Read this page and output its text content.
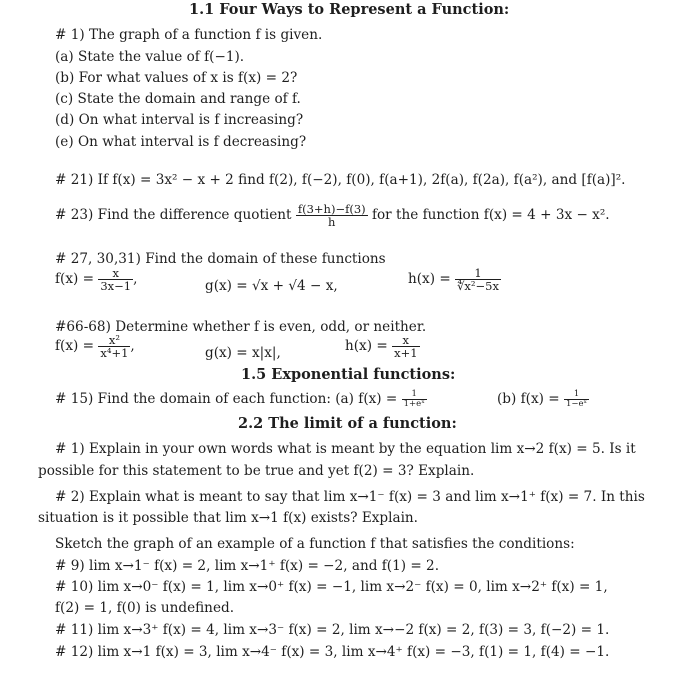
1.1 Four Ways to Represent a Function:
# 1) The graph of a function f is given.
(a) State the value of f(−1).
(b) For what values of x is f(x) = 2?
(c) State the domain and range of f.
(d) On what interval is f increasing?
(e) On what interval is f decreasing?
# 21) If f(x) = 3x² − x + 2 find f(2), f(−2), f(0), f(a+1), 2f(a), f(2a), f(a²), and [f(a)]².
# 23) Find the difference quotient $\frac{f(3+h)-f(3)}{h}$ for the function f(x) = 4 + 3x − x².
# 27, 30,31) Find the domain of these functions
$f(x) = \frac{x}{3x-1}$ ,	g(x) = √x + √4 − x,	$h(x) = \frac{1}{\text{∜x²−5x}}$
#66-68) Determine whether f is even, odd, or neither.
$f(x) = \frac{\text{x²}}{\text{x⁴+1}}$ ,	g(x) = x|x|,	$h(x) = \frac{x}{x+1}$
1.5 Exponential functions:
# 15) Find the domain of each function: (a) $f(x) = \frac{1}{\text{1+eˣ}}$	(b) $f(x) = \frac{1}{\text{1−eˣ}}$
2.2 The limit of a function:
# 1) Explain in your own words what is meant by the equation lim x→2 f(x) = 5. Is it
possible for this statement to be true and yet f(2) = 3? Explain.
# 2) Explain what is meant to say that lim x→1⁻ f(x) = 3 and lim x→1⁺ f(x) = 7. In this
situation is it possible that lim x→1 f(x) exists? Explain.
Sketch the graph of an example of a function f that satisfies the conditions:
# 9) lim x→1⁻ f(x) = 2, lim x→1⁺ f(x) = −2, and f(1) = 2.
# 10) lim x→0⁻ f(x) = 1, lim x→0⁺ f(x) = −1, lim x→2⁻ f(x) = 0, lim x→2⁺ f(x) = 1,
f(2) = 1, f(0) is undefined.
# 11) lim x→3⁺ f(x) = 4, lim x→3⁻ f(x) = 2, lim x→−2 f(x) = 2, f(3) = 3, f(−2) = 1.
# 12) lim x→1 f(x) = 3, lim x→4⁻ f(x) = 3, lim x→4⁺ f(x) = −3, f(1) = 1, f(4) = −1.
